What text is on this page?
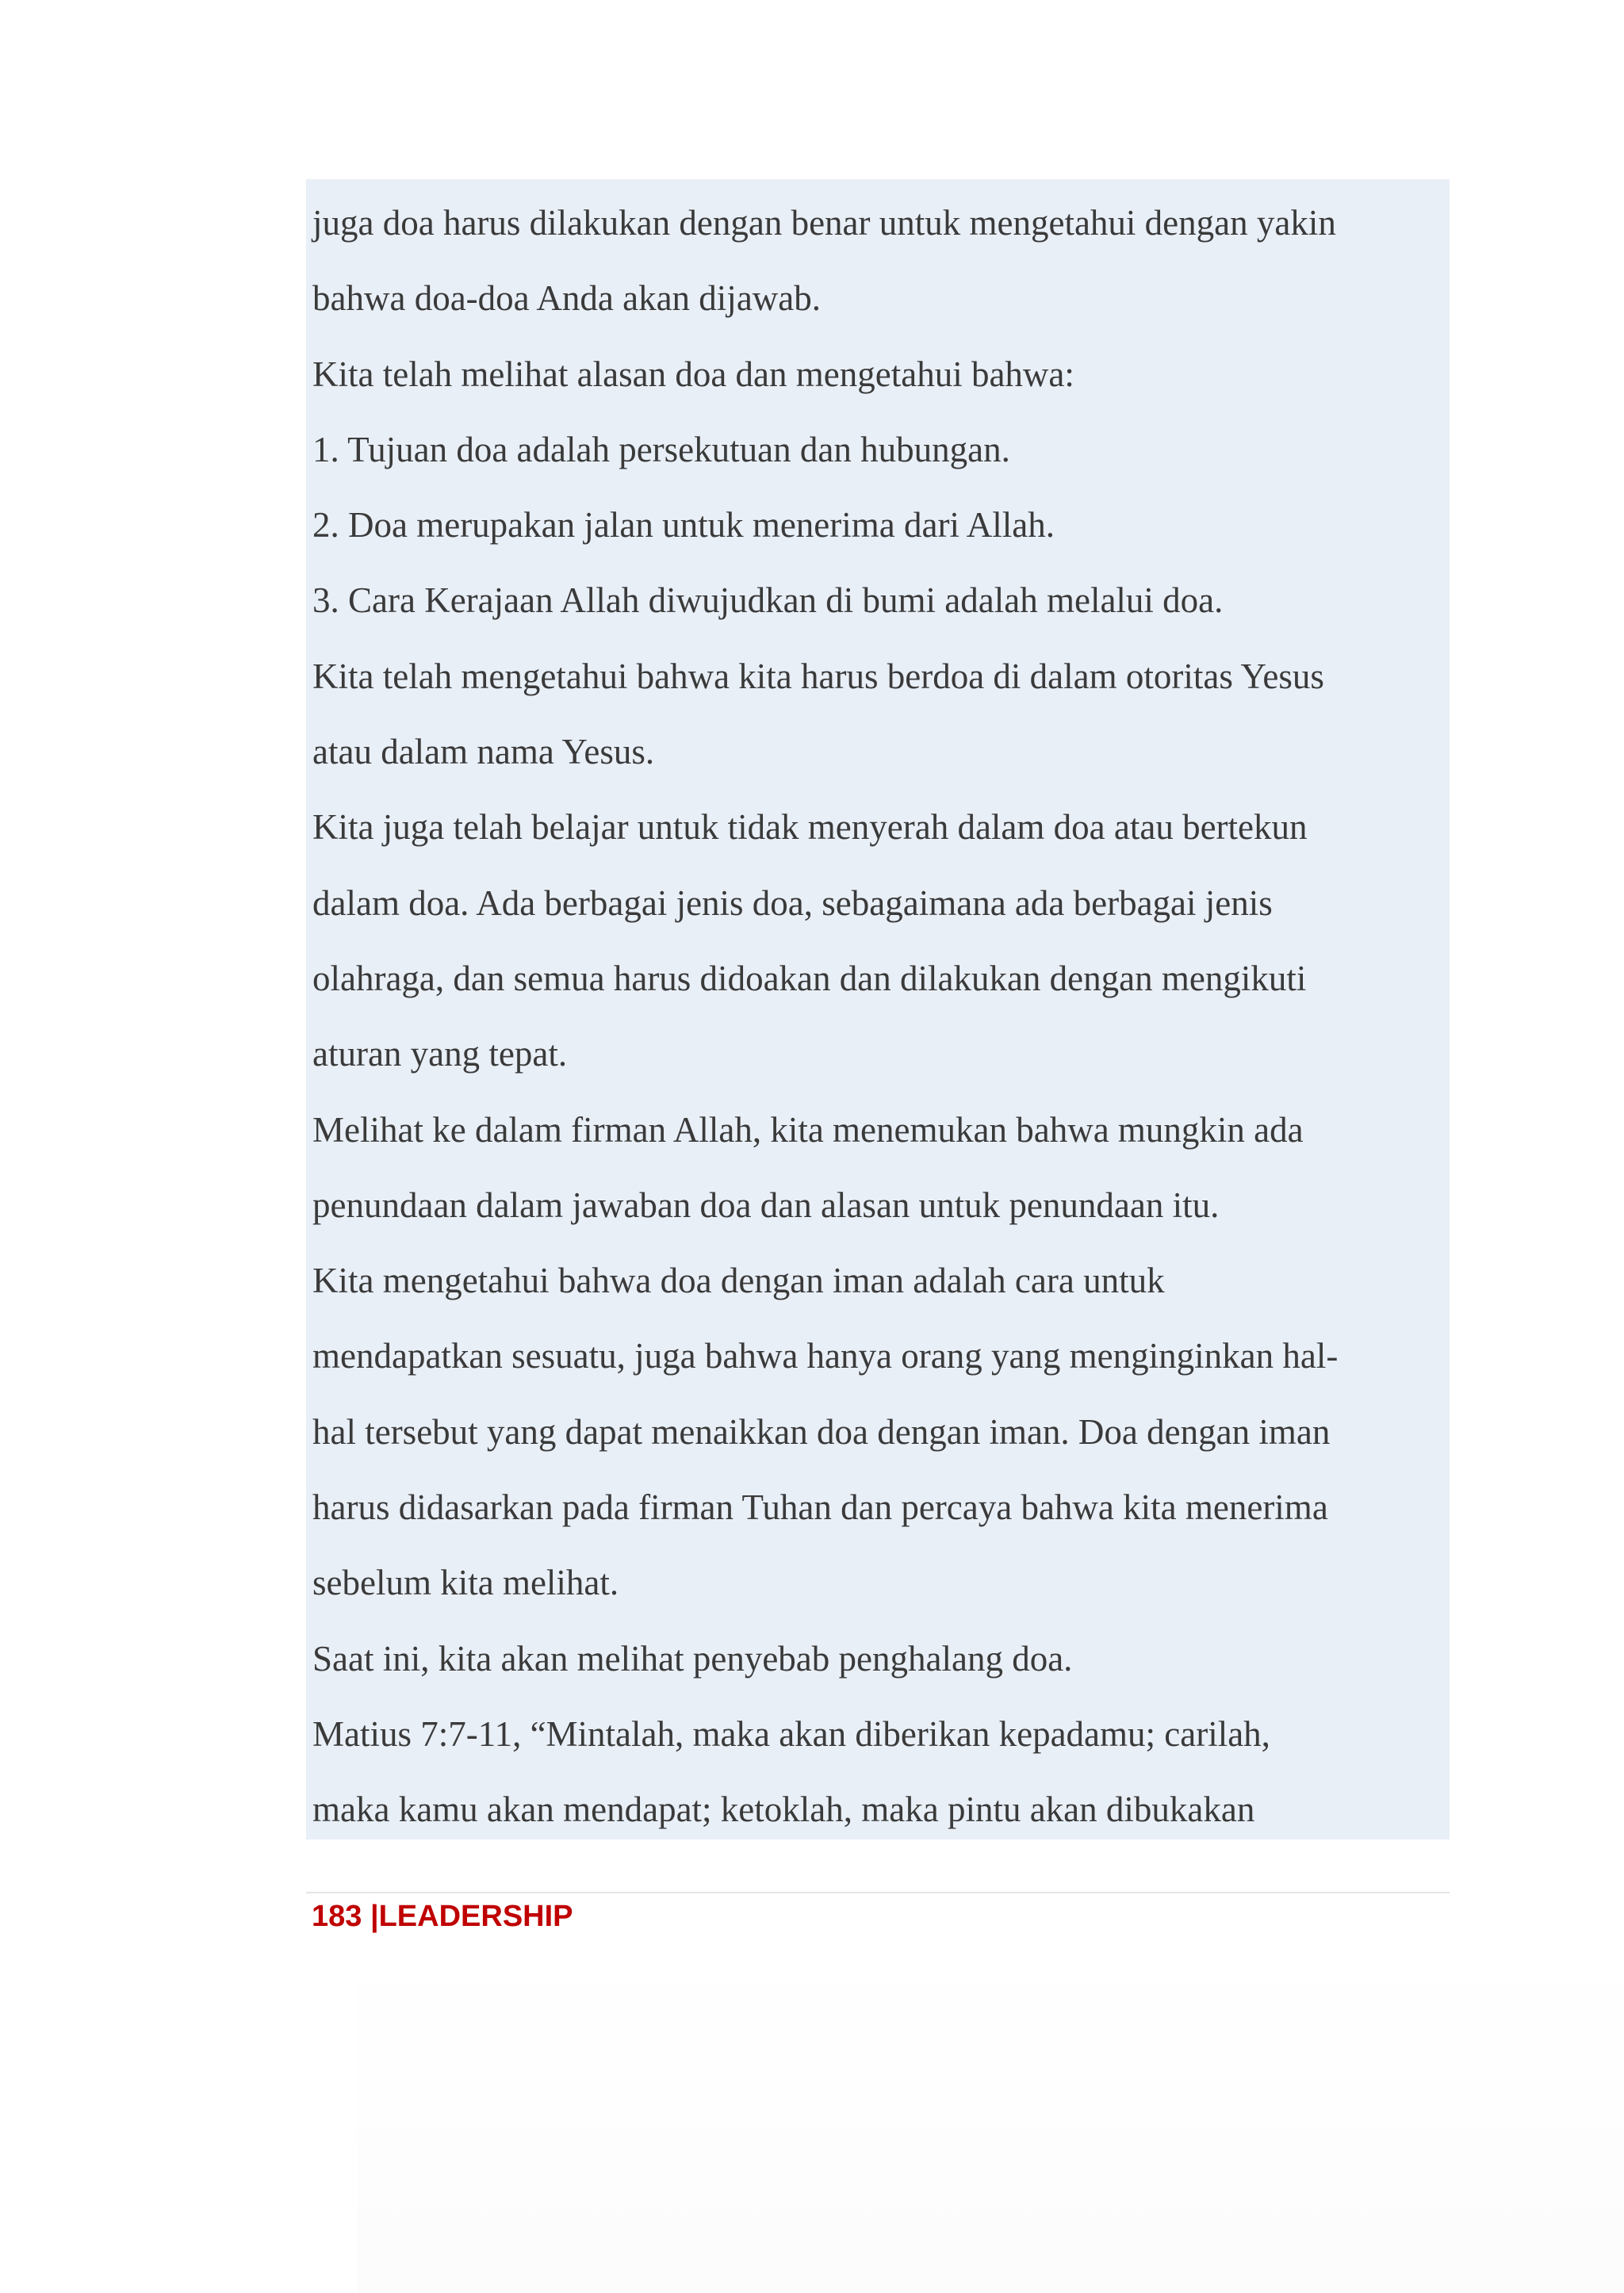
juga doa harus dilakukan dengan benar untuk mengetahui dengan yakin
bahwa doa-doa Anda akan dijawab.
Kita telah melihat alasan doa dan mengetahui bahwa:
1. Tujuan doa adalah persekutuan dan hubungan.
2. Doa merupakan jalan untuk menerima dari Allah.
3. Cara Kerajaan Allah diwujudkan di bumi adalah melalui doa.
Kita telah mengetahui bahwa kita harus berdoa di dalam otoritas Yesus
atau dalam nama Yesus.
Kita juga telah belajar untuk tidak menyerah dalam doa atau bertekun
dalam doa. Ada berbagai jenis doa, sebagaimana ada berbagai jenis
olahraga, dan semua harus didoakan dan dilakukan dengan mengikuti
aturan yang tepat.
Melihat ke dalam firman Allah, kita menemukan bahwa mungkin ada
penundaan dalam jawaban doa dan alasan untuk penundaan itu.
Kita mengetahui bahwa doa dengan iman adalah cara untuk
mendapatkan sesuatu, juga bahwa hanya orang yang menginginkan hal-
hal tersebut yang dapat menaikkan doa dengan iman. Doa dengan iman
harus didasarkan pada firman Tuhan dan percaya bahwa kita menerima
sebelum kita melihat.
Saat ini, kita akan melihat penyebab penghalang doa.
Matius 7:7-11, “Mintalah, maka akan diberikan kepadamu; carilah,
maka kamu akan mendapat; ketoklah, maka pintu akan dibukakan
183 |LEADERSHIP
